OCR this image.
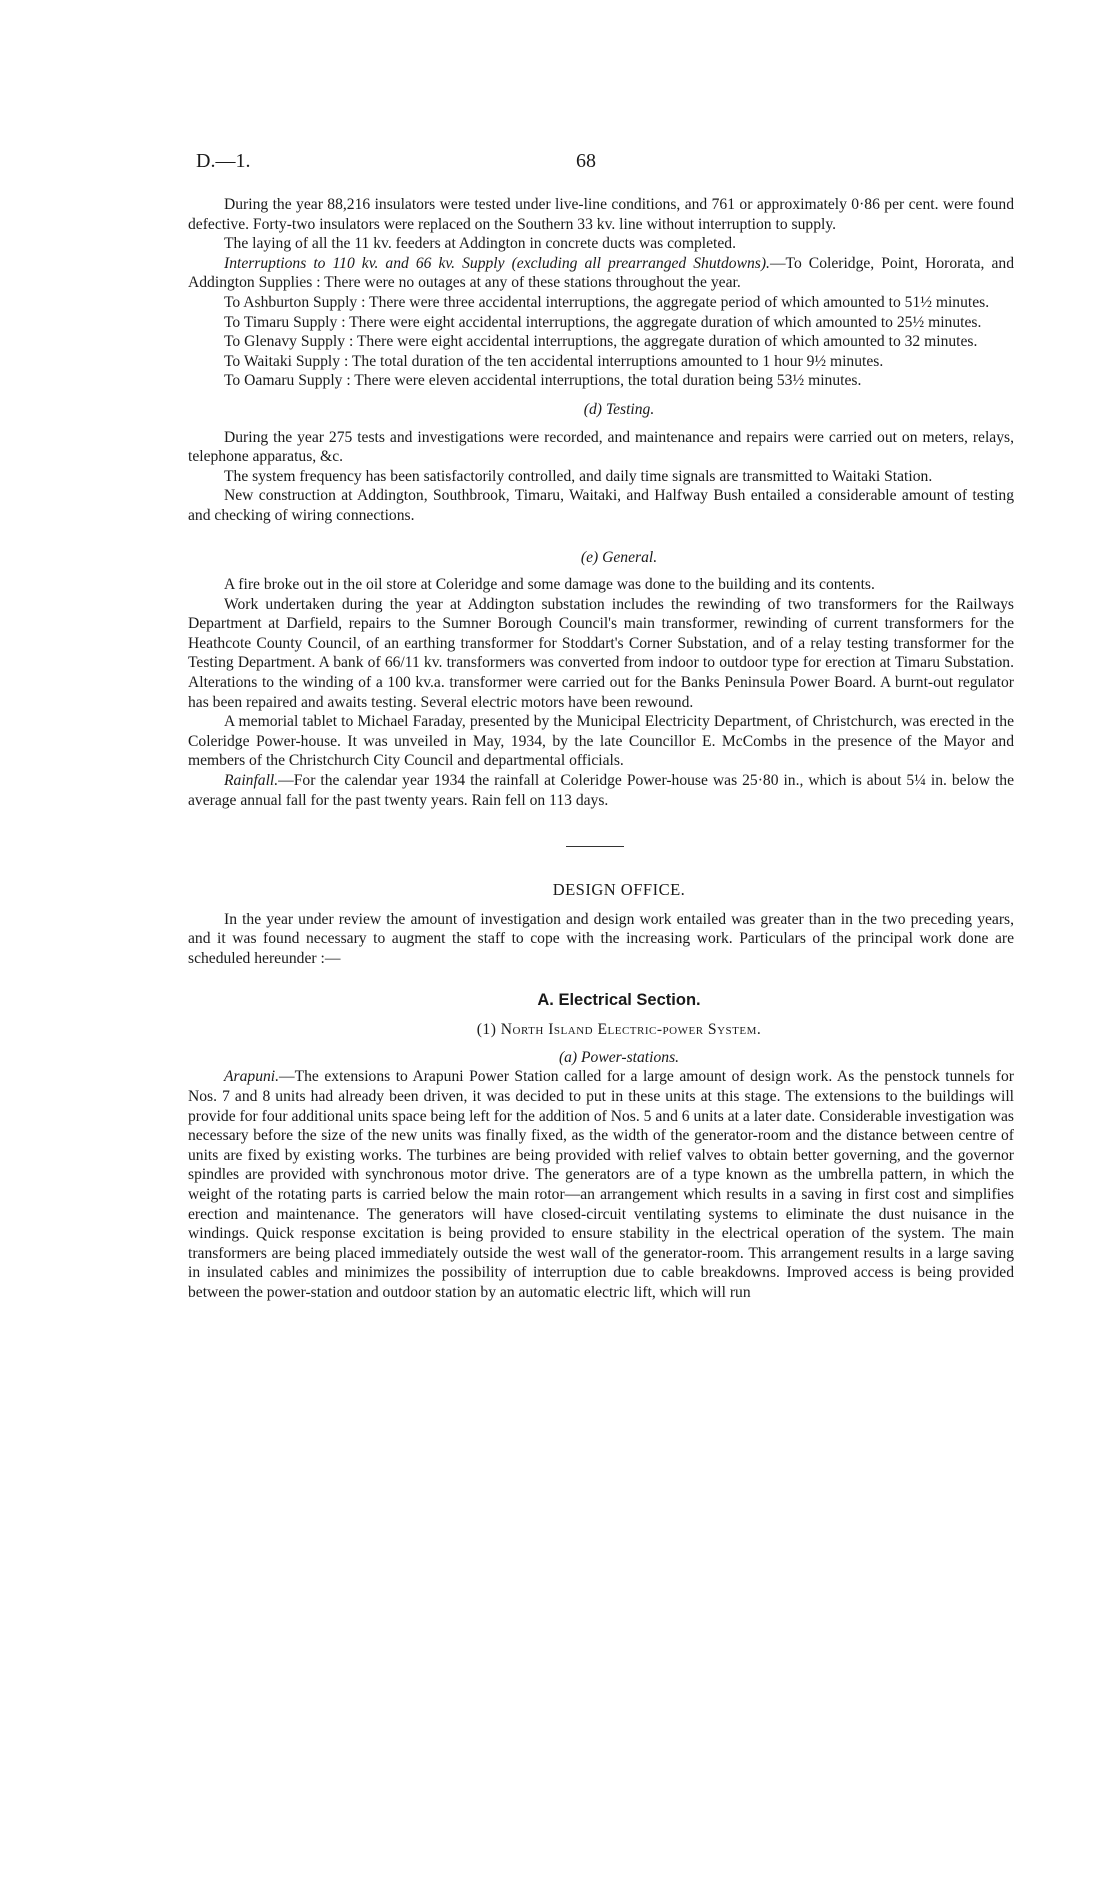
D.—1.	68

During the year 88,216 insulators were tested under live-line conditions, and 761 or approximately 0·86 per cent. were found defective. Forty-two insulators were replaced on the Southern 33 kv. line without interruption to supply.

The laying of all the 11 kv. feeders at Addington in concrete ducts was completed.

Interruptions to 110 kv. and 66 kv. Supply (excluding all prearranged Shutdowns).—To Coleridge, Point, Hororata, and Addington Supplies : There were no outages at any of these stations throughout the year.

To Ashburton Supply : There were three accidental interruptions, the aggregate period of which amounted to 51½ minutes.

To Timaru Supply : There were eight accidental interruptions, the aggregate duration of which amounted to 25½ minutes.

To Glenavy Supply : There were eight accidental interruptions, the aggregate duration of which amounted to 32 minutes.

To Waitaki Supply : The total duration of the ten accidental interruptions amounted to 1 hour 9½ minutes.

To Oamaru Supply : There were eleven accidental interruptions, the total duration being 53½ minutes.

(d) Testing.

During the year 275 tests and investigations were recorded, and maintenance and repairs were carried out on meters, relays, telephone apparatus, &c.

The system frequency has been satisfactorily controlled, and daily time signals are transmitted to Waitaki Station.

New construction at Addington, Southbrook, Timaru, Waitaki, and Halfway Bush entailed a considerable amount of testing and checking of wiring connections.

(e) General.

A fire broke out in the oil store at Coleridge and some damage was done to the building and its contents.

Work undertaken during the year at Addington substation includes the rewinding of two transformers for the Railways Department at Darfield, repairs to the Sumner Borough Council's main transformer, rewinding of current transformers for the Heathcote County Council, of an earthing transformer for Stoddart's Corner Substation, and of a relay testing transformer for the Testing Department. A bank of 66/11 kv. transformers was converted from indoor to outdoor type for erection at Timaru Substation. Alterations to the winding of a 100 kv.a. transformer were carried out for the Banks Peninsula Power Board. A burnt-out regulator has been repaired and awaits testing. Several electric motors have been rewound.

A memorial tablet to Michael Faraday, presented by the Municipal Electricity Department, of Christchurch, was erected in the Coleridge Power-house. It was unveiled in May, 1934, by the late Councillor E. McCombs in the presence of the Mayor and members of the Christchurch City Council and departmental officials.

Rainfall.—For the calendar year 1934 the rainfall at Coleridge Power-house was 25·80 in., which is about 5¼ in. below the average annual fall for the past twenty years. Rain fell on 113 days.

DESIGN OFFICE.

In the year under review the amount of investigation and design work entailed was greater than in the two preceding years, and it was found necessary to augment the staff to cope with the increasing work. Particulars of the principal work done are scheduled hereunder :—

A. Electrical Section.

(1) North Island Electric-power System.

(a) Power-stations.

Arapuni.—The extensions to Arapuni Power Station called for a large amount of design work. As the penstock tunnels for Nos. 7 and 8 units had already been driven, it was decided to put in these units at this stage. The extensions to the buildings will provide for four additional units space being left for the addition of Nos. 5 and 6 units at a later date. Considerable investigation was necessary before the size of the new units was finally fixed, as the width of the generator-room and the distance between centre of units are fixed by existing works. The turbines are being provided with relief valves to obtain better governing, and the governor spindles are provided with synchronous motor drive. The generators are of a type known as the umbrella pattern, in which the weight of the rotating parts is carried below the main rotor—an arrangement which results in a saving in first cost and simplifies erection and maintenance. The generators will have closed-circuit ventilating systems to eliminate the dust nuisance in the windings. Quick response excitation is being provided to ensure stability in the electrical operation of the system. The main transformers are being placed immediately outside the west wall of the generator-room. This arrangement results in a large saving in insulated cables and minimizes the possibility of interruption due to cable breakdowns. Improved access is being provided between the power-station and outdoor station by an automatic electric lift, which will run
